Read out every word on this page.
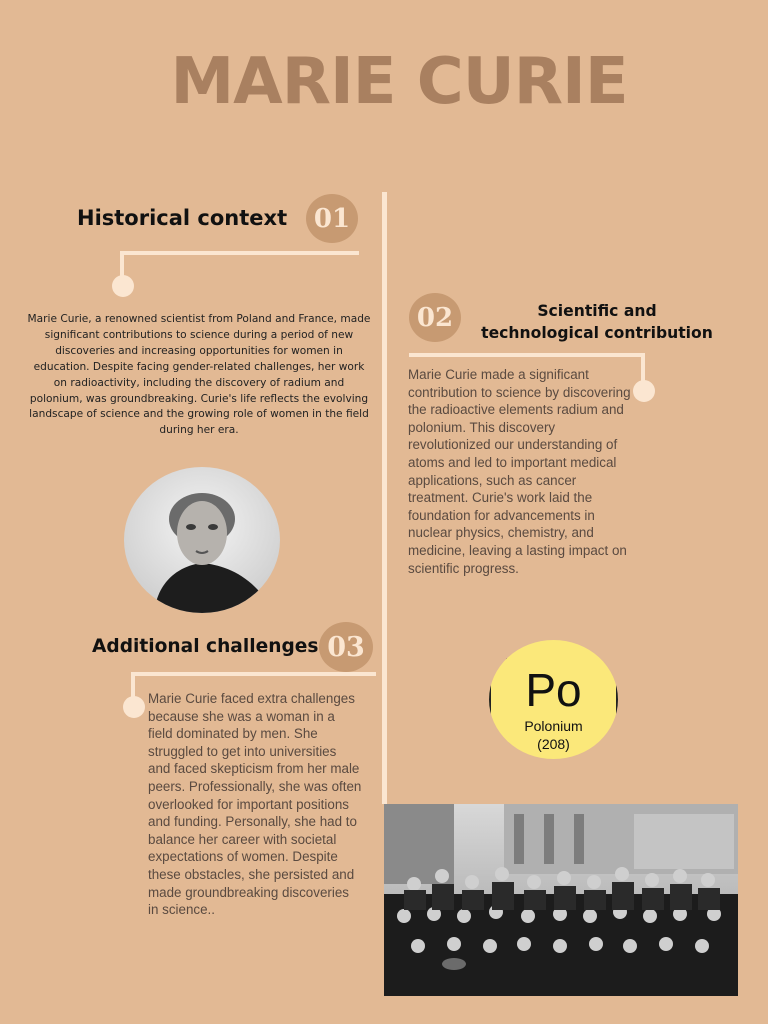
MARIE CURIE
Historical context 01
Marie Curie, a renowned scientist from Poland and France, made significant contributions to science during a period of new discoveries and increasing opportunities for women in education. Despite facing gender-related challenges, her work on radioactivity, including the discovery of radium and polonium, was groundbreaking. Curie's life reflects the evolving landscape of science and the growing role of women in the field during her era.
02	Scientific and technological contribution
Marie Curie made a significant contribution to science by discovering the radioactive elements radium and polonium. This discovery revolutionized our understanding of atoms and led to important medical applications, such as cancer treatment. Curie's work laid the foundation for advancements in nuclear physics, chemistry, and medicine, leaving a lasting impact on scientific progress.
Additional challenges 03
Marie Curie faced extra challenges because she was a woman in a field dominated by men. She struggled to get into universities and faced skepticism from her male peers. Professionally, she was often overlooked for important positions and funding. Personally, she had to balance her career with societal expectations of women. Despite these obstacles, she persisted and made groundbreaking discoveries in science..
84
Po
Polonium
(208)
